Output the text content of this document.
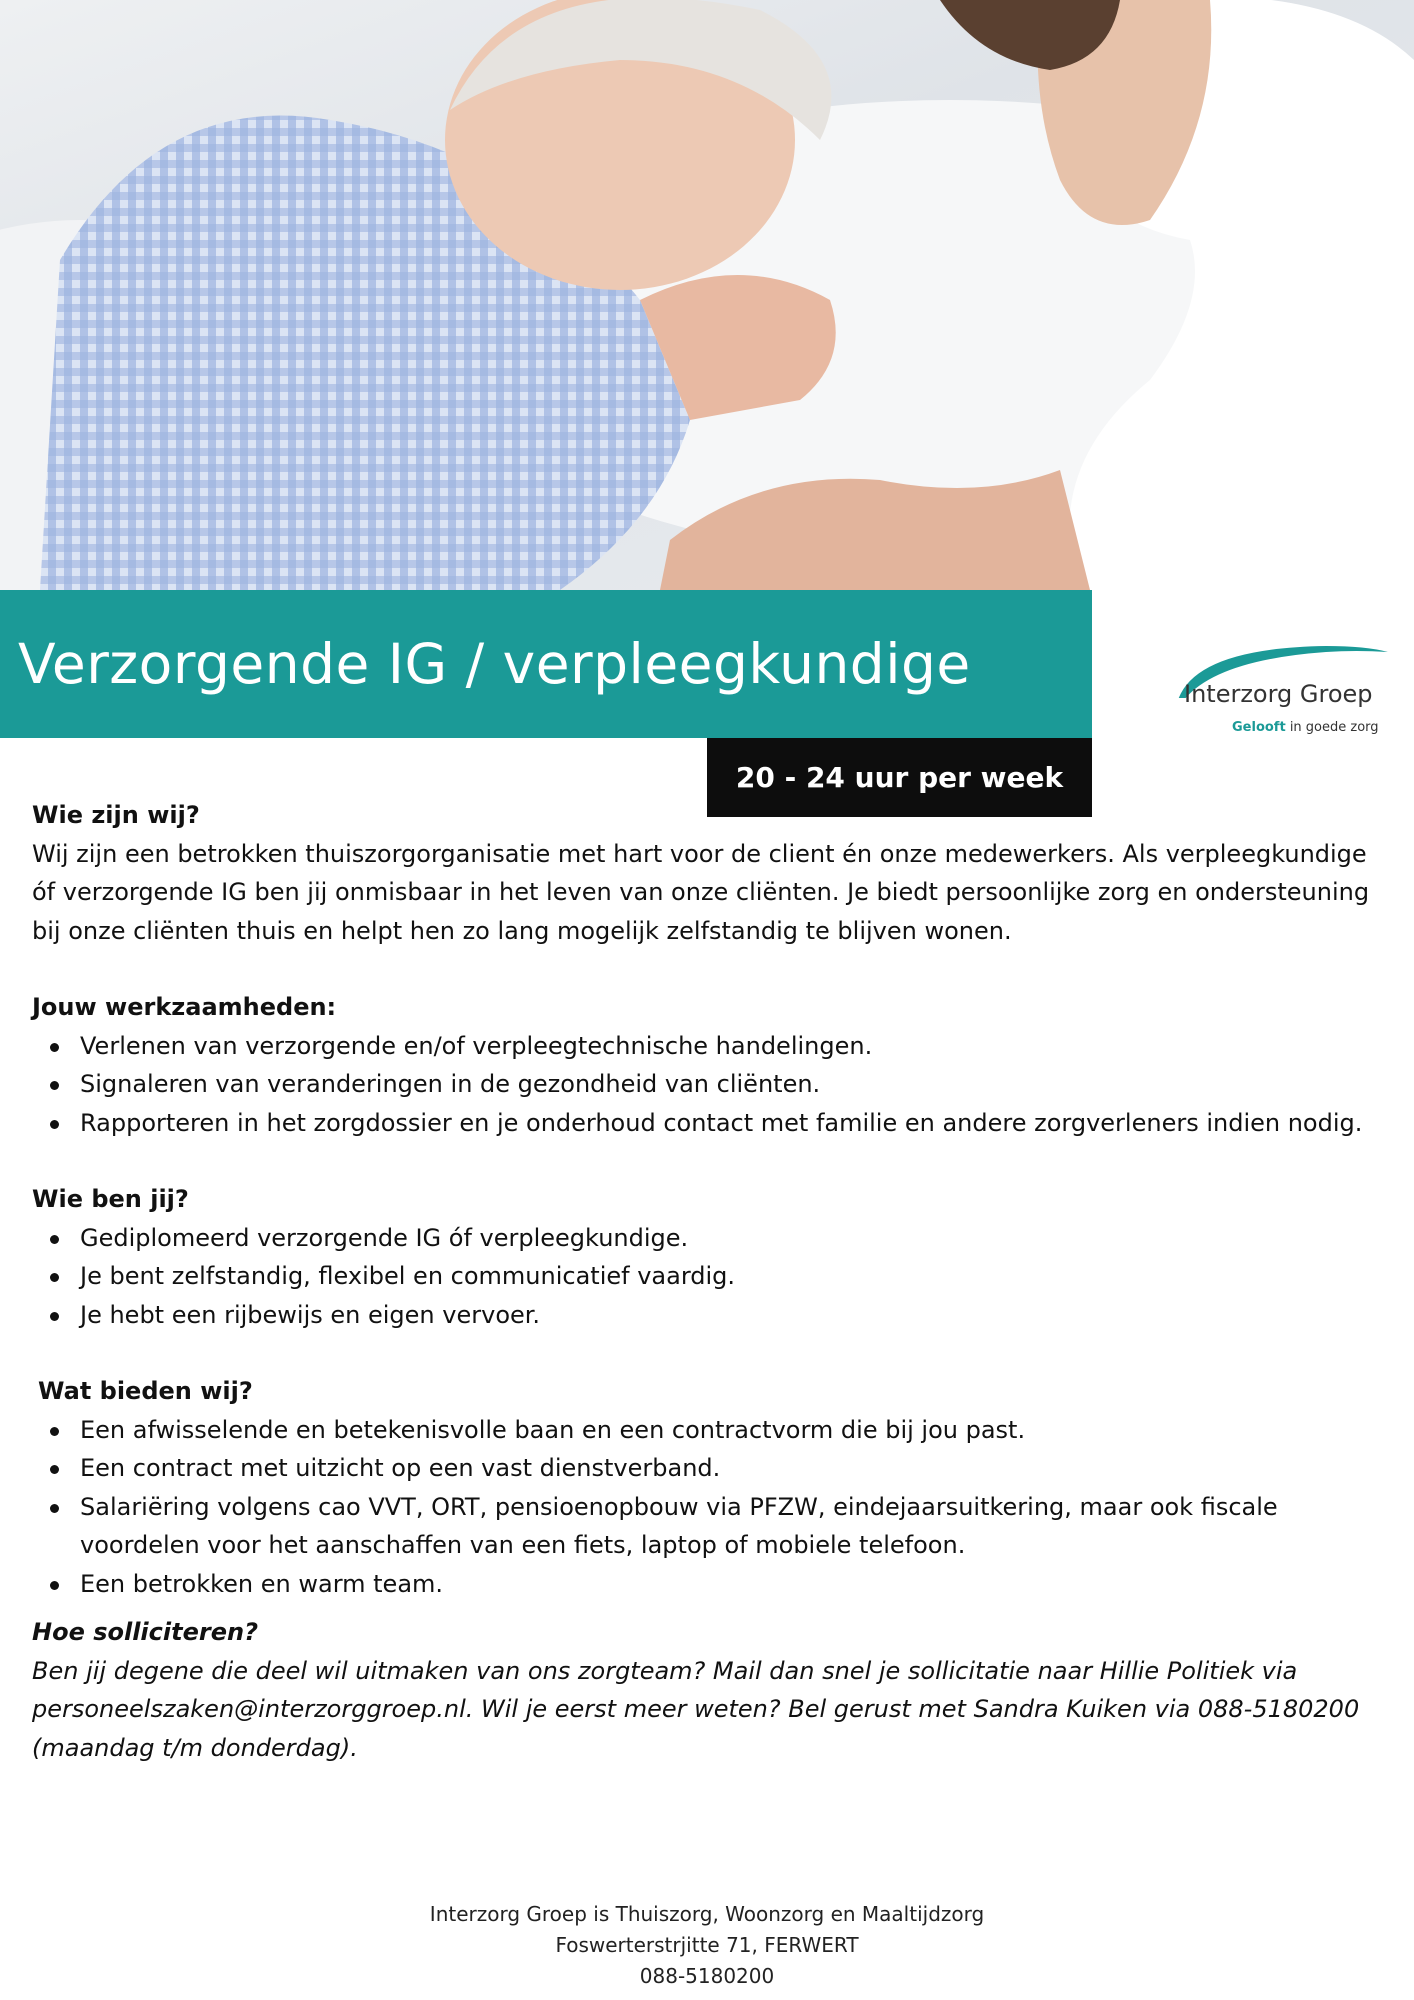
Verzorgende IG / verpleegkundige	Interzorg Groep
Gelooft in goede zorg
20 - 24 uur per week
Wie zijn wij?

Wij zijn een betrokken thuiszorgorganisatie met hart voor de client én onze medewerkers. Als verpleegkundige óf verzorgende IG ben jij onmisbaar in het leven van onze cliënten. Je biedt persoonlijke zorg en ondersteuning bij onze cliënten thuis en helpt hen zo lang mogelijk zelfstandig te blijven wonen.

Jouw werkzaamheden:
Verlenen van verzorgende en/of verpleegtechnische handelingen.
Signaleren van veranderingen in de gezondheid van cliënten.
Rapporteren in het zorgdossier en je onderhoud contact met familie en andere zorgverleners indien nodig.
Wie ben jij?
Gediplomeerd verzorgende IG óf verpleegkundige.
Je bent zelfstandig, flexibel en communicatief vaardig.
Je hebt een rijbewijs en eigen vervoer.
Wat bieden wij?
Een afwisselende en betekenisvolle baan en een contractvorm die bij jou past.
Een contract met uitzicht op een vast dienstverband.
Salariëring volgens cao VVT, ORT, pensioenopbouw via PFZW, eindejaarsuitkering, maar ook fiscale voordelen voor het aanschaffen van een fiets, laptop of mobiele telefoon.
Een betrokken en warm team.
Hoe solliciteren?

Ben jij degene die deel wil uitmaken van ons zorgteam? Mail dan snel je sollicitatie naar Hillie Politiek via personeelszaken@interzorggroep.nl. Wil je eerst meer weten? Bel gerust met Sandra Kuiken via 088-5180200 (maandag t/m donderdag).

Interzorg Groep is Thuiszorg, Woonzorg en Maaltijdzorg
Foswerterstrjitte 71, FERWERT
088-5180200
